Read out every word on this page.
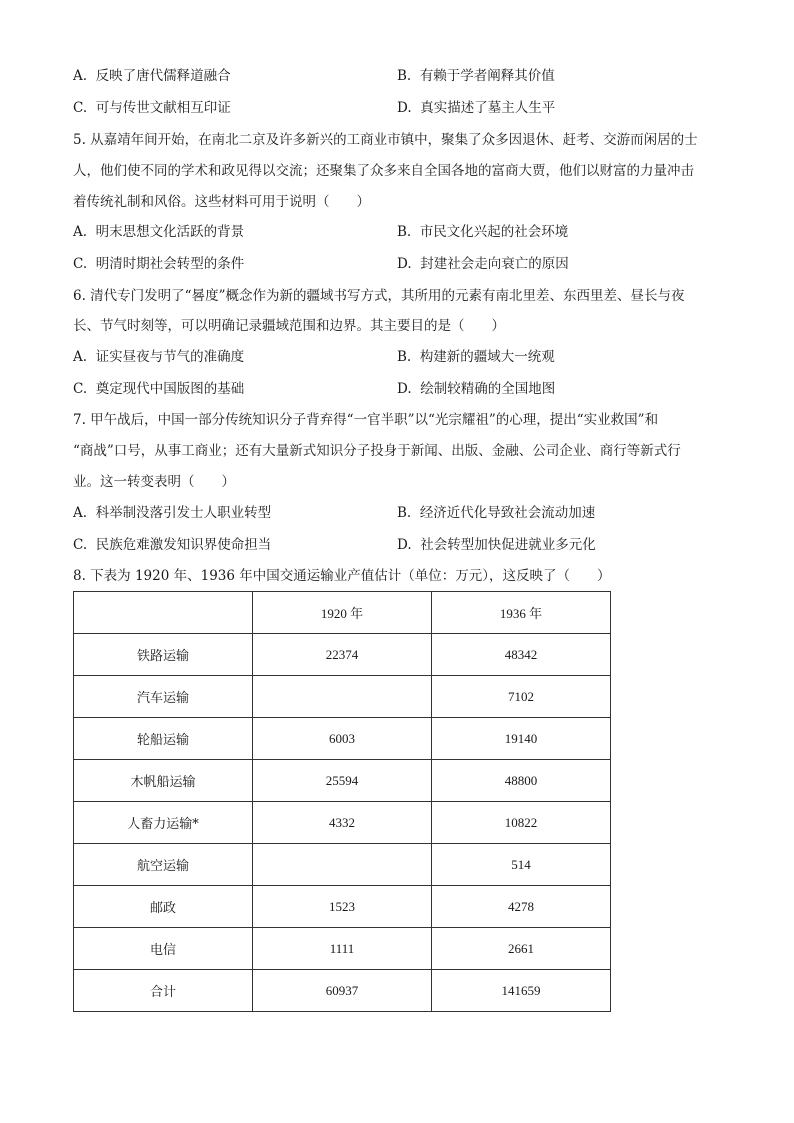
A. 反映了唐代儒释道融合	B. 有赖于学者阐释其价值
C. 可与传世文献相互印证	D. 真实描述了墓主人生平
5. 从嘉靖年间开始，在南北二京及许多新兴的工商业市镇中，聚集了众多因退休、赶考、交游而闲居的士
人，他们使不同的学术和政见得以交流；还聚集了众多来自全国各地的富商大贾，他们以财富的力量冲击
着传统礼制和风俗。这些材料可用于说明（　　）
A. 明末思想文化活跃的背景	B. 市民文化兴起的社会环境
C. 明清时期社会转型的条件	D. 封建社会走向衰亡的原因
6. 清代专门发明了“晷度”概念作为新的疆域书写方式，其所用的元素有南北里差、东西里差、昼长与夜
长、节气时刻等，可以明确记录疆域范围和边界。其主要目的是（　　）
A. 证实昼夜与节气的准确度	B. 构建新的疆域大一统观
C. 奠定现代中国版图的基础	D. 绘制较精确的全国地图
7. 甲午战后，中国一部分传统知识分子背弃得“一官半职”以“光宗耀祖”的心理，提出“实业救国”和
“商战”口号，从事工商业；还有大量新式知识分子投身于新闻、出版、金融、公司企业、商行等新式行
业。这一转变表明（　　）
A. 科举制没落引发士人职业转型	B. 经济近代化导致社会流动加速
C. 民族危难激发知识界使命担当	D. 社会转型加快促进就业多元化
8. 下表为 1920 年、1936 年中国交通运输业产值估计（单位：万元），这反映了（　　）
	1920 年	1936 年
铁路运输	22374	48342
汽车运输		7102
轮船运输	6003	19140
木帆船运输	25594	48800
人畜力运输*	4332	10822
航空运输		514
邮政	1523	4278
电信	1111	2661
合计	60937	141659
